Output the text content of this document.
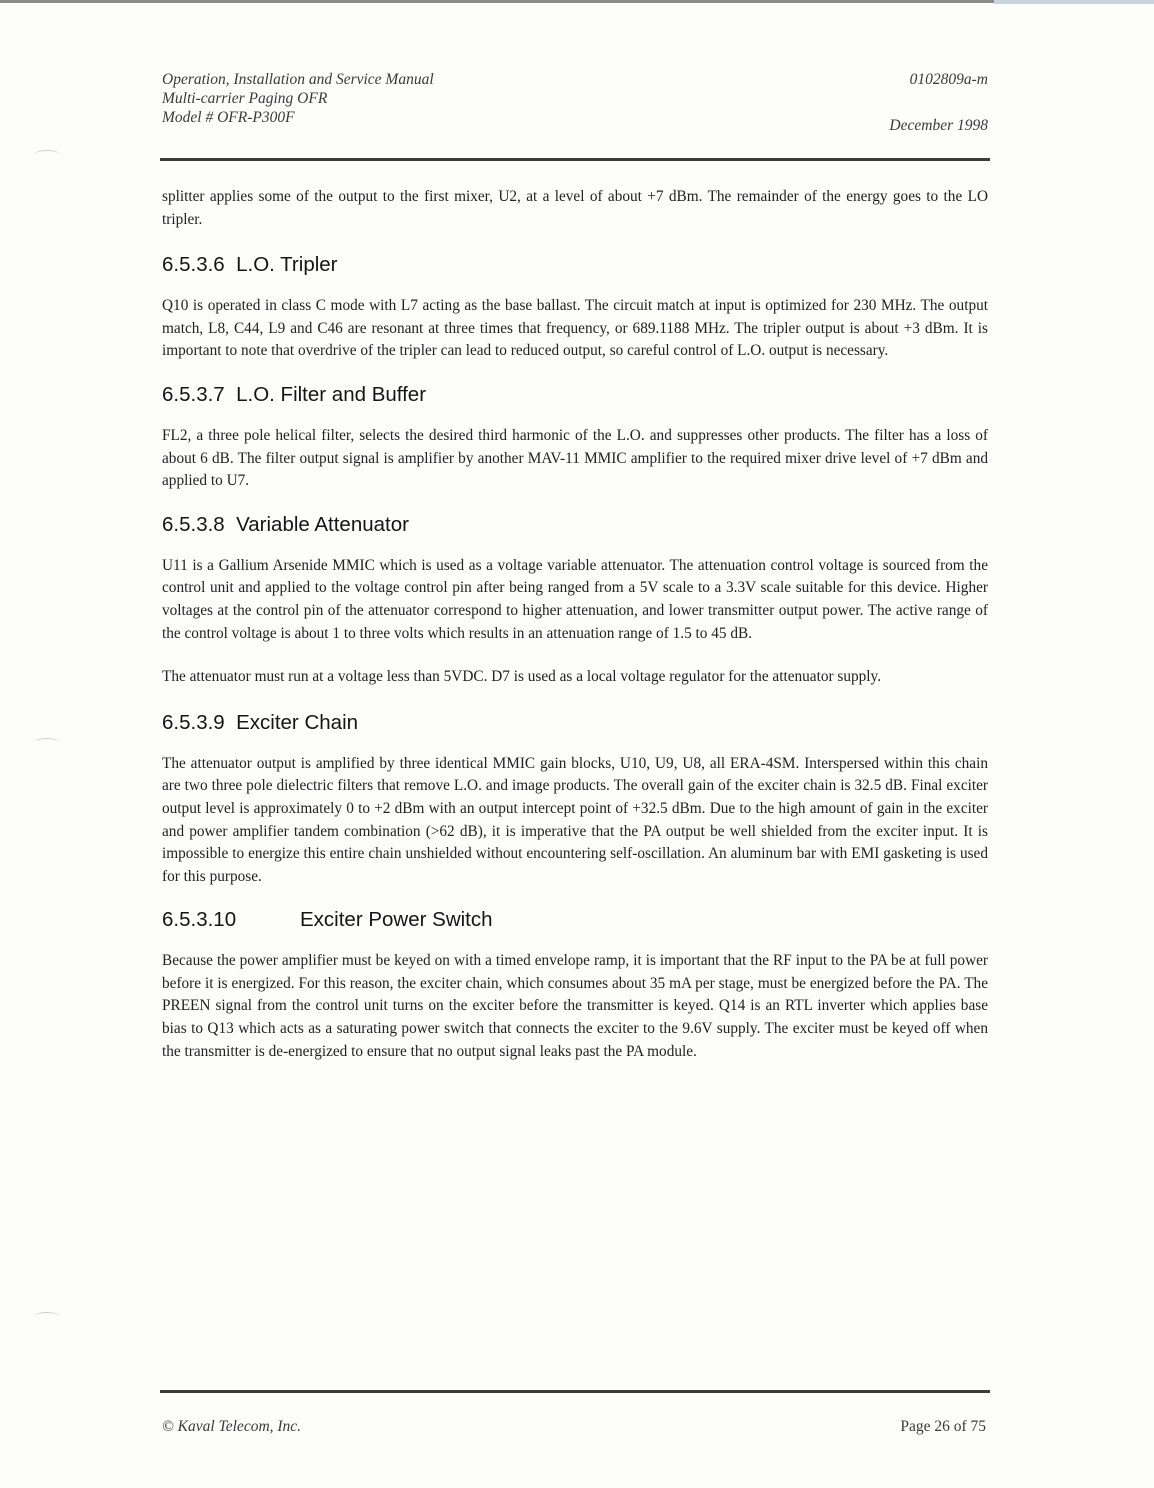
Operation, Installation and Service Manual
Multi-carrier Paging OFR
Model # OFR-P300F
0102809a-m
December 1998

splitter applies some of the output to the first mixer, U2, at a level of about +7 dBm. The remainder of the energy goes to the LO tripler.

6.5.3.6 L.O. Tripler

Q10 is operated in class C mode with L7 acting as the base ballast. The circuit match at input is optimized for 230 MHz. The output match, L8, C44, L9 and C46 are resonant at three times that frequency, or 689.1188 MHz. The tripler output is about +3 dBm. It is important to note that overdrive of the tripler can lead to reduced output, so careful control of L.O. output is necessary.

6.5.3.7 L.O. Filter and Buffer

FL2, a three pole helical filter, selects the desired third harmonic of the L.O. and suppresses other products. The filter has a loss of about 6 dB. The filter output signal is amplifier by another MAV-11 MMIC amplifier to the required mixer drive level of +7 dBm and applied to U7.

6.5.3.8 Variable Attenuator

U11 is a Gallium Arsenide MMIC which is used as a voltage variable attenuator. The attenuation control voltage is sourced from the control unit and applied to the voltage control pin after being ranged from a 5V scale to a 3.3V scale suitable for this device. Higher voltages at the control pin of the attenuator correspond to higher attenuation, and lower transmitter output power. The active range of the control voltage is about 1 to three volts which results in an attenuation range of 1.5 to 45 dB.

The attenuator must run at a voltage less than 5VDC. D7 is used as a local voltage regulator for the attenuator supply.

6.5.3.9 Exciter Chain

The attenuator output is amplified by three identical MMIC gain blocks, U10, U9, U8, all ERA-4SM. Interspersed within this chain are two three pole dielectric filters that remove L.O. and image products. The overall gain of the exciter chain is 32.5 dB. Final exciter output level is approximately 0 to +2 dBm with an output intercept point of +32.5 dBm. Due to the high amount of gain in the exciter and power amplifier tandem combination (>62 dB), it is imperative that the PA output be well shielded from the exciter input. It is impossible to energize this entire chain unshielded without encountering self-oscillation. An aluminum bar with EMI gasketing is used for this purpose.

6.5.3.10	Exciter Power Switch

Because the power amplifier must be keyed on with a timed envelope ramp, it is important that the RF input to the PA be at full power before it is energized. For this reason, the exciter chain, which consumes about 35 mA per stage, must be energized before the PA. The PREEN signal from the control unit turns on the exciter before the transmitter is keyed. Q14 is an RTL inverter which applies base bias to Q13 which acts as a saturating power switch that connects the exciter to the 9.6V supply. The exciter must be keyed off when the transmitter is de-energized to ensure that no output signal leaks past the PA module.

© Kaval Telecom, Inc.	Page 26 of 75
